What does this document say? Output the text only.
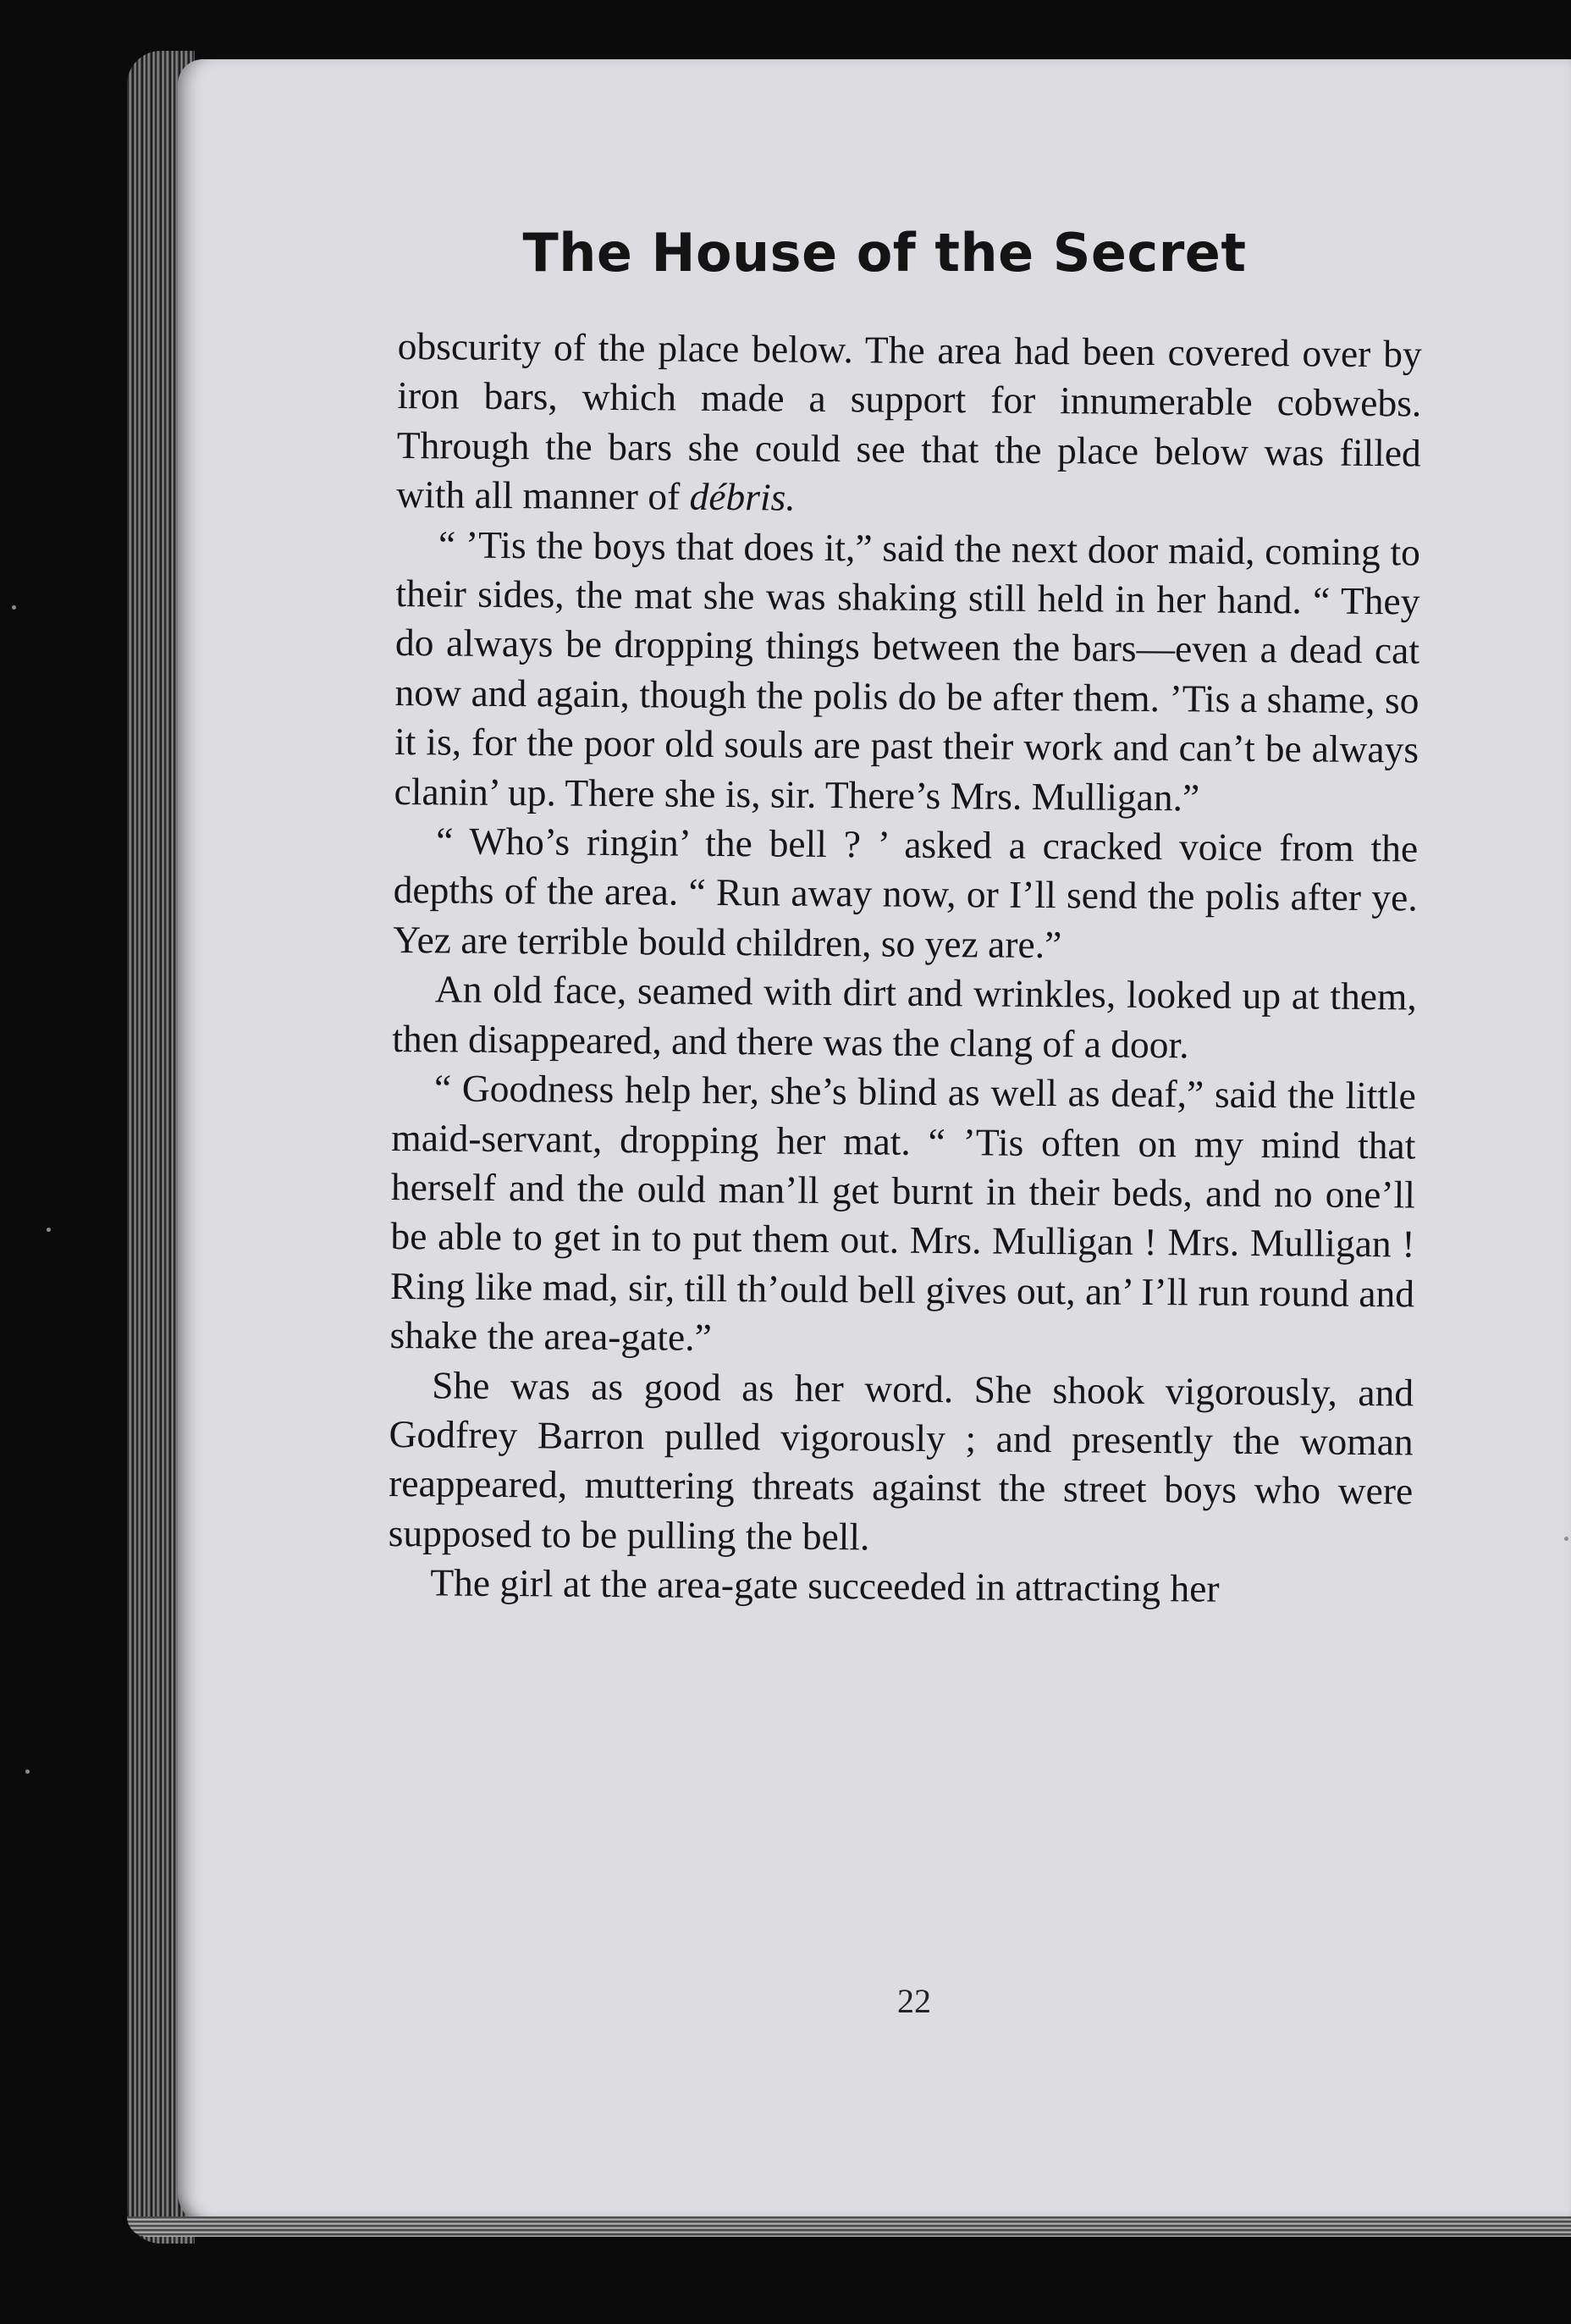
The House of the Secret

obscurity of the place below. The area had been covered over by iron bars, which made a support for innumerable cobwebs. Through the bars she could see that the place below was filled with all manner of débris.

“ ’Tis the boys that does it,” said the next door maid, coming to their sides, the mat she was shaking still held in her hand. “ They do always be dropping things between the bars—even a dead cat now and again, though the polis do be after them. ’Tis a shame, so it is, for the poor old souls are past their work and can’t be always clanin’ up. There she is, sir. There’s Mrs. Mulligan.”

“ Who’s ringin’ the bell ? ’ asked a cracked voice from the depths of the area. “ Run away now, or I’ll send the polis after ye. Yez are terrible bould children, so yez are.”

An old face, seamed with dirt and wrinkles, looked up at them, then disappeared, and there was the clang of a door.

“ Goodness help her, she’s blind as well as deaf,” said the little maid-servant, dropping her mat. “ ’Tis often on my mind that herself and the ould man’ll get burnt in their beds, and no one’ll be able to get in to put them out. Mrs. Mulligan ! Mrs. Mulligan ! Ring like mad, sir, till th’ould bell gives out, an’ I’ll run round and shake the area-gate.”

She was as good as her word. She shook vigorously, and Godfrey Barron pulled vigorously ; and presently the woman reappeared, muttering threats against the street boys who were supposed to be pulling the bell.

The girl at the area-gate succeeded in attracting her

22
